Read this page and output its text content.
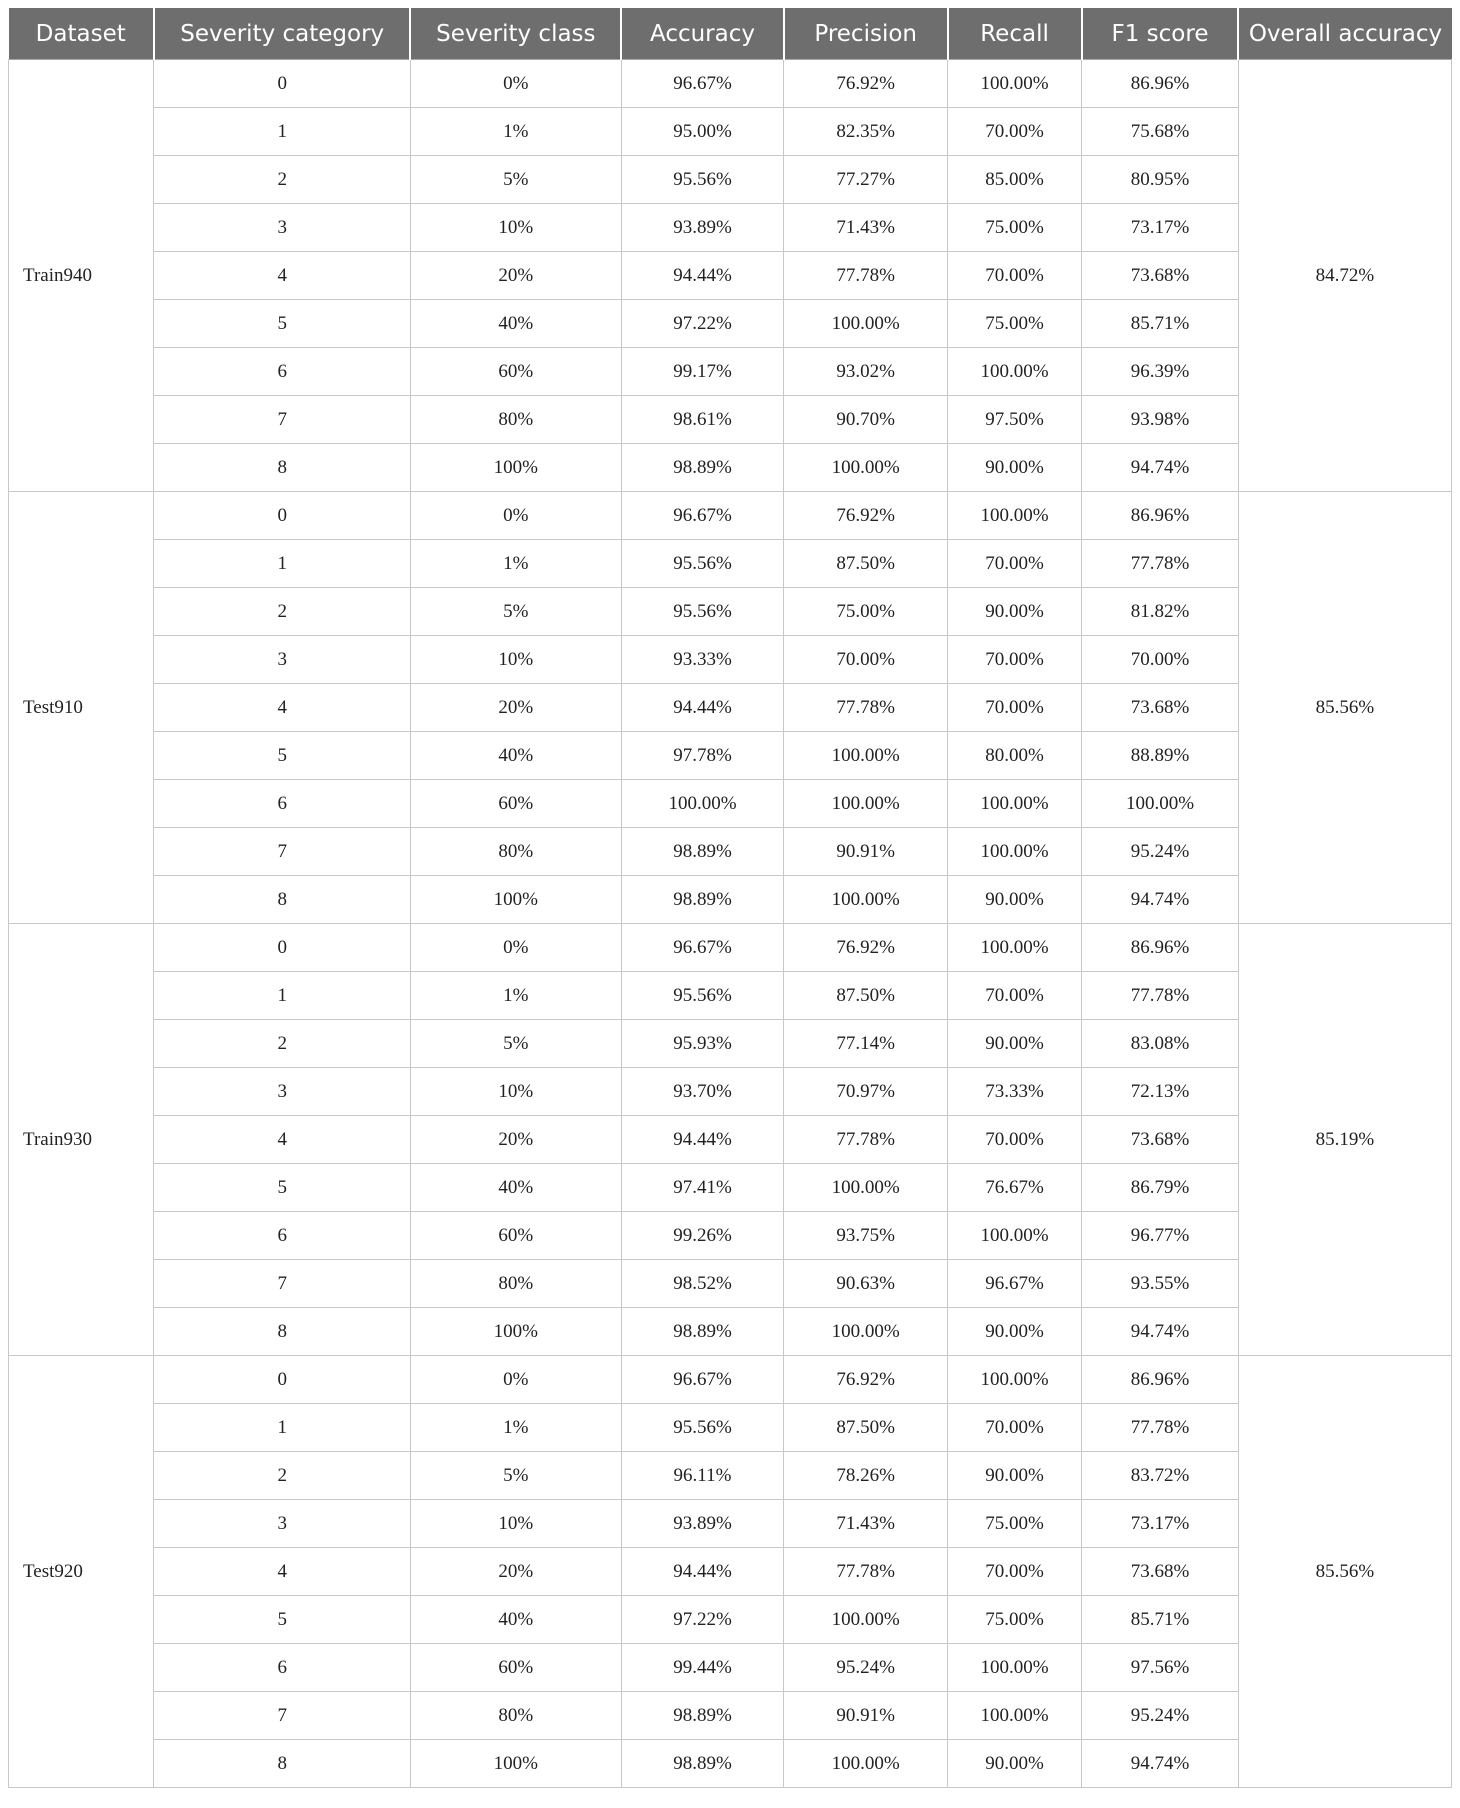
Dataset	Severity category	Severity class	Accuracy	Precision	Recall	F1 score	Overall accuracy
Train940	0	0%	96.67%	76.92%	100.00%	86.96%	84.72%
	1	1%	95.00%	82.35%	70.00%	75.68%	
	2	5%	95.56%	77.27%	85.00%	80.95%	
	3	10%	93.89%	71.43%	75.00%	73.17%	
	4	20%	94.44%	77.78%	70.00%	73.68%	
	5	40%	97.22%	100.00%	75.00%	85.71%	
	6	60%	99.17%	93.02%	100.00%	96.39%	
	7	80%	98.61%	90.70%	97.50%	93.98%	
	8	100%	98.89%	100.00%	90.00%	94.74%	
Test910	0	0%	96.67%	76.92%	100.00%	86.96%	85.56%
	1	1%	95.56%	87.50%	70.00%	77.78%	
	2	5%	95.56%	75.00%	90.00%	81.82%	
	3	10%	93.33%	70.00%	70.00%	70.00%	
	4	20%	94.44%	77.78%	70.00%	73.68%	
	5	40%	97.78%	100.00%	80.00%	88.89%	
	6	60%	100.00%	100.00%	100.00%	100.00%	
	7	80%	98.89%	90.91%	100.00%	95.24%	
	8	100%	98.89%	100.00%	90.00%	94.74%	
Train930	0	0%	96.67%	76.92%	100.00%	86.96%	85.19%
	1	1%	95.56%	87.50%	70.00%	77.78%	
	2	5%	95.93%	77.14%	90.00%	83.08%	
	3	10%	93.70%	70.97%	73.33%	72.13%	
	4	20%	94.44%	77.78%	70.00%	73.68%	
	5	40%	97.41%	100.00%	76.67%	86.79%	
	6	60%	99.26%	93.75%	100.00%	96.77%	
	7	80%	98.52%	90.63%	96.67%	93.55%	
	8	100%	98.89%	100.00%	90.00%	94.74%	
Test920	0	0%	96.67%	76.92%	100.00%	86.96%	85.56%
	1	1%	95.56%	87.50%	70.00%	77.78%	
	2	5%	96.11%	78.26%	90.00%	83.72%	
	3	10%	93.89%	71.43%	75.00%	73.17%	
	4	20%	94.44%	77.78%	70.00%	73.68%	
	5	40%	97.22%	100.00%	75.00%	85.71%	
	6	60%	99.44%	95.24%	100.00%	97.56%	
	7	80%	98.89%	90.91%	100.00%	95.24%	
	8	100%	98.89%	100.00%	90.00%	94.74%	
